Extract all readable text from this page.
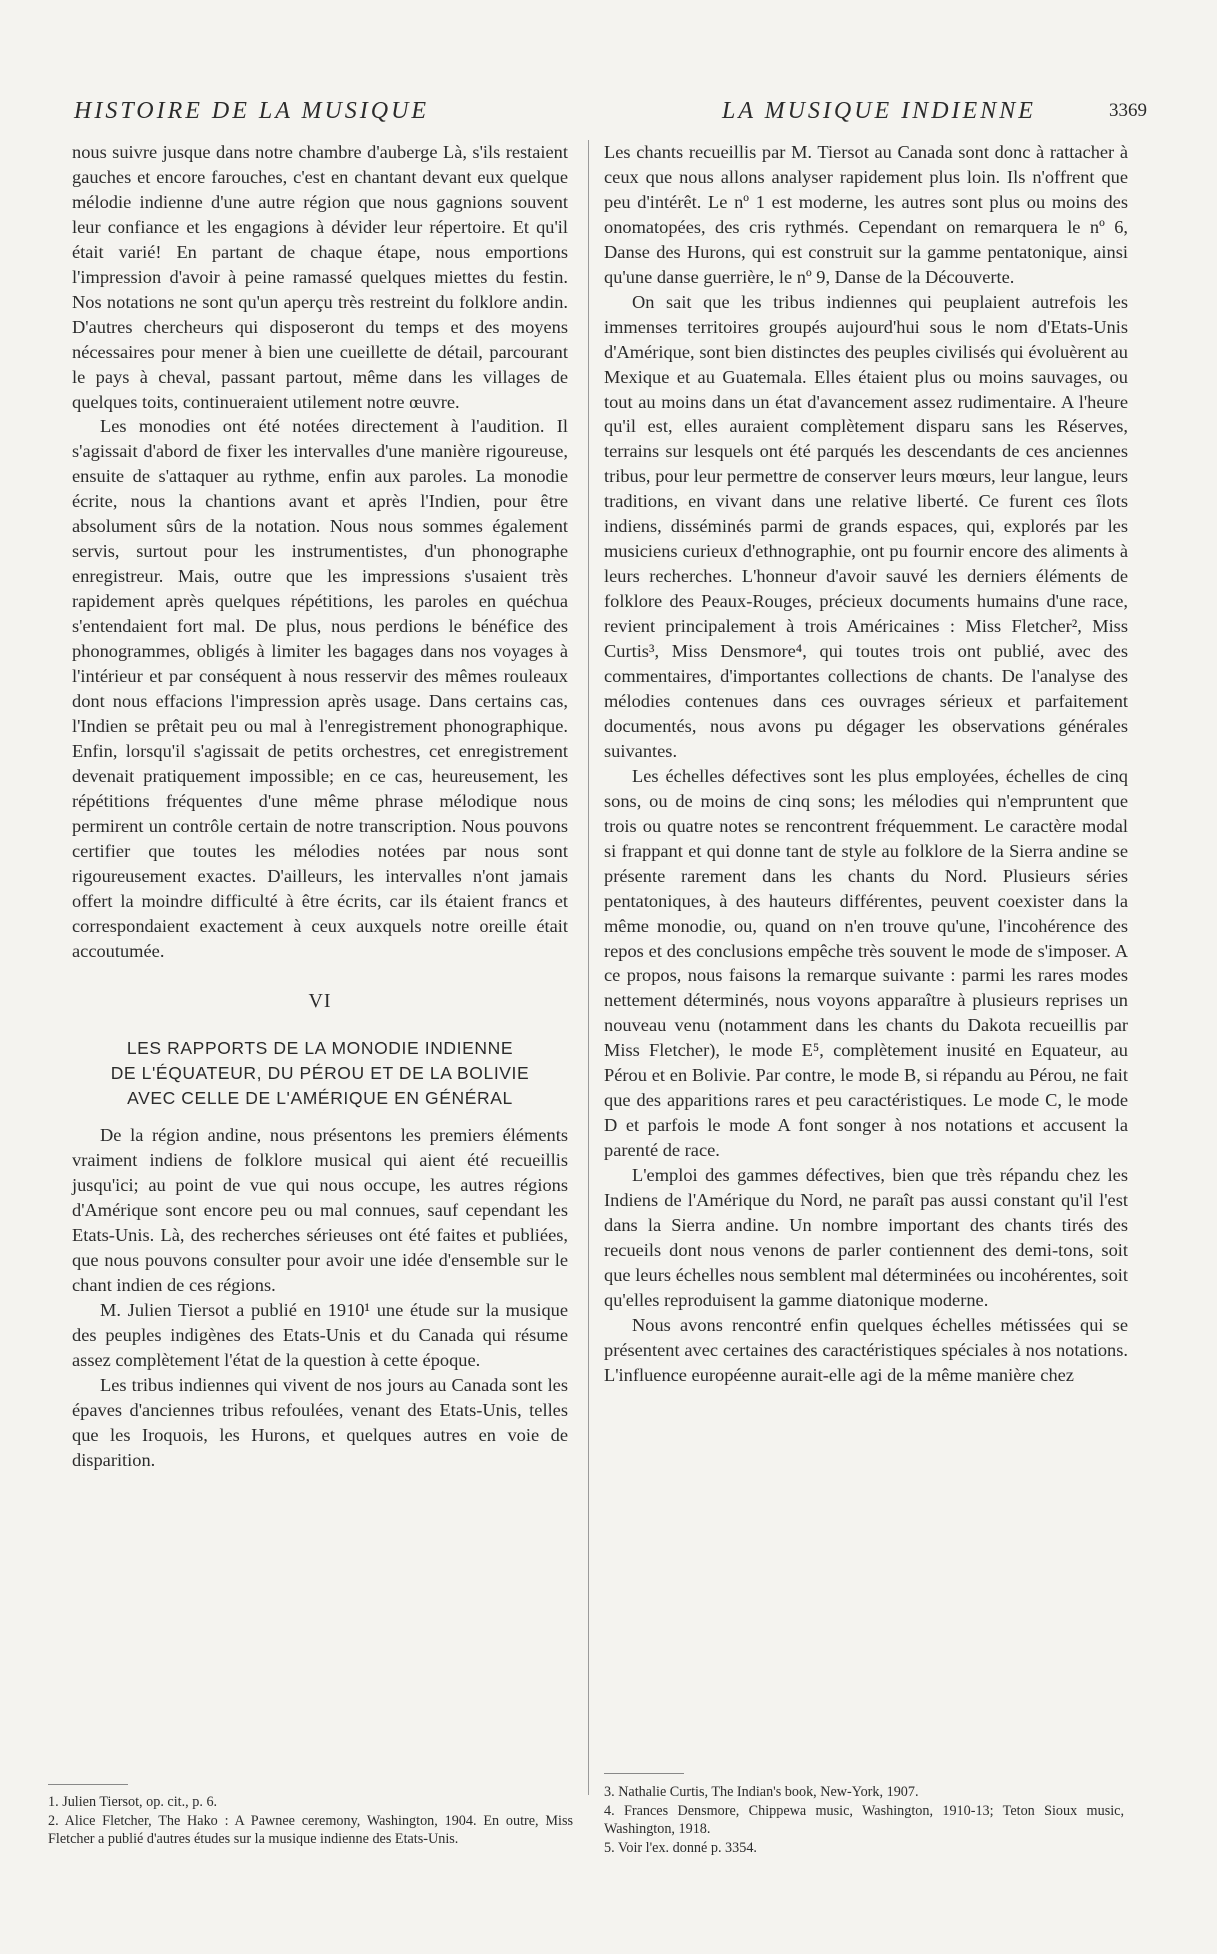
HISTOIRE DE LA MUSIQUE	LA MUSIQUE INDIENNE	3369

nous suivre jusque dans notre chambre d'auberge Là, s'ils restaient gauches et encore farouches, c'est en chantant devant eux quelque mélodie indienne d'une autre région que nous gagnions souvent leur confiance et les engagions à dévider leur répertoire. Et qu'il était varié! En partant de chaque étape, nous emportions l'impression d'avoir à peine ramassé quelques miettes du festin. Nos notations ne sont qu'un aperçu très restreint du folklore andin. D'autres chercheurs qui disposeront du temps et des moyens nécessaires pour mener à bien une cueillette de détail, parcourant le pays à cheval, passant partout, même dans les villages de quelques toits, continueraient utilement notre œuvre.

Les monodies ont été notées directement à l'audition. Il s'agissait d'abord de fixer les intervalles d'une manière rigoureuse, ensuite de s'attaquer au rythme, enfin aux paroles. La monodie écrite, nous la chantions avant et après l'Indien, pour être absolument sûrs de la notation. Nous nous sommes également servis, surtout pour les instrumentistes, d'un phonographe enregistreur. Mais, outre que les impressions s'usaient très rapidement après quelques répétitions, les paroles en quéchua s'entendaient fort mal. De plus, nous perdions le bénéfice des phonogrammes, obligés à limiter les bagages dans nos voyages à l'intérieur et par conséquent à nous resservir des mêmes rouleaux dont nous effacions l'impression après usage. Dans certains cas, l'Indien se prêtait peu ou mal à l'enregistrement phonographique. Enfin, lorsqu'il s'agissait de petits orchestres, cet enregistrement devenait pratiquement impossible; en ce cas, heureusement, les répétitions fréquentes d'une même phrase mélodique nous permirent un contrôle certain de notre transcription. Nous pouvons certifier que toutes les mélodies notées par nous sont rigoureusement exactes. D'ailleurs, les intervalles n'ont jamais offert la moindre difficulté à être écrits, car ils étaient francs et correspondaient exactement à ceux auxquels notre oreille était accoutumée.

VI
LES RAPPORTS DE LA MONODIE INDIENNE
DE L'ÉQUATEUR, DU PÉROU ET DE LA BOLIVIE
AVEC CELLE DE L'AMÉRIQUE EN GÉNÉRAL

De la région andine, nous présentons les premiers éléments vraiment indiens de folklore musical qui aient été recueillis jusqu'ici; au point de vue qui nous occupe, les autres régions d'Amérique sont encore peu ou mal connues, sauf cependant les Etats-Unis. Là, des recherches sérieuses ont été faites et publiées, que nous pouvons consulter pour avoir une idée d'ensemble sur le chant indien de ces régions.

M. Julien Tiersot a publié en 1910¹ une étude sur la musique des peuples indigènes des Etats-Unis et du Canada qui résume assez complètement l'état de la question à cette époque.

Les tribus indiennes qui vivent de nos jours au Canada sont les épaves d'anciennes tribus refoulées, venant des Etats-Unis, telles que les Iroquois, les Hurons, et quelques autres en voie de disparition.

Les chants recueillis par M. Tiersot au Canada sont donc à rattacher à ceux que nous allons analyser rapidement plus loin. Ils n'offrent que peu d'intérêt. Le nº 1 est moderne, les autres sont plus ou moins des onomatopées, des cris rythmés. Cependant on remarquera le nº 6, Danse des Hurons, qui est construit sur la gamme pentatonique, ainsi qu'une danse guerrière, le nº 9, Danse de la Découverte.

On sait que les tribus indiennes qui peuplaient autrefois les immenses territoires groupés aujourd'hui sous le nom d'Etats-Unis d'Amérique, sont bien distinctes des peuples civilisés qui évoluèrent au Mexique et au Guatemala. Elles étaient plus ou moins sauvages, ou tout au moins dans un état d'avancement assez rudimentaire. A l'heure qu'il est, elles auraient complètement disparu sans les Réserves, terrains sur lesquels ont été parqués les descendants de ces anciennes tribus, pour leur permettre de conserver leurs mœurs, leur langue, leurs traditions, en vivant dans une relative liberté. Ce furent ces îlots indiens, disséminés parmi de grands espaces, qui, explorés par les musiciens curieux d'ethnographie, ont pu fournir encore des aliments à leurs recherches. L'honneur d'avoir sauvé les derniers éléments de folklore des Peaux-Rouges, précieux documents humains d'une race, revient principalement à trois Américaines : Miss Fletcher², Miss Curtis³, Miss Densmore⁴, qui toutes trois ont publié, avec des commentaires, d'importantes collections de chants. De l'analyse des mélodies contenues dans ces ouvrages sérieux et parfaitement documentés, nous avons pu dégager les observations générales suivantes.

Les échelles défectives sont les plus employées, échelles de cinq sons, ou de moins de cinq sons; les mélodies qui n'empruntent que trois ou quatre notes se rencontrent fréquemment. Le caractère modal si frappant et qui donne tant de style au folklore de la Sierra andine se présente rarement dans les chants du Nord. Plusieurs séries pentatoniques, à des hauteurs différentes, peuvent coexister dans la même monodie, ou, quand on n'en trouve qu'une, l'incohérence des repos et des conclusions empêche très souvent le mode de s'imposer. A ce propos, nous faisons la remarque suivante : parmi les rares modes nettement déterminés, nous voyons apparaître à plusieurs reprises un nouveau venu (notamment dans les chants du Dakota recueillis par Miss Fletcher), le mode E⁵, complètement inusité en Equateur, au Pérou et en Bolivie. Par contre, le mode B, si répandu au Pérou, ne fait que des apparitions rares et peu caractéristiques. Le mode C, le mode D et parfois le mode A font songer à nos notations et accusent la parenté de race.

L'emploi des gammes défectives, bien que très répandu chez les Indiens de l'Amérique du Nord, ne paraît pas aussi constant qu'il l'est dans la Sierra andine. Un nombre important des chants tirés des recueils dont nous venons de parler contiennent des demi-tons, soit que leurs échelles nous semblent mal déterminées ou incohérentes, soit qu'elles reproduisent la gamme diatonique moderne.

Nous avons rencontré enfin quelques échelles métissées qui se présentent avec certaines des caractéristiques spéciales à nos notations. L'influence européenne aurait-elle agi de la même manière chez

1. Julien Tiersot, op. cit., p. 6.

2. Alice Fletcher, The Hako : A Pawnee ceremony, Washington, 1904. En outre, Miss Fletcher a publié d'autres études sur la musique indienne des Etats-Unis.

3. Nathalie Curtis, The Indian's book, New-York, 1907.

4. Frances Densmore, Chippewa music, Washington, 1910-13; Teton Sioux music, Washington, 1918.

5. Voir l'ex. donné p. 3354.
